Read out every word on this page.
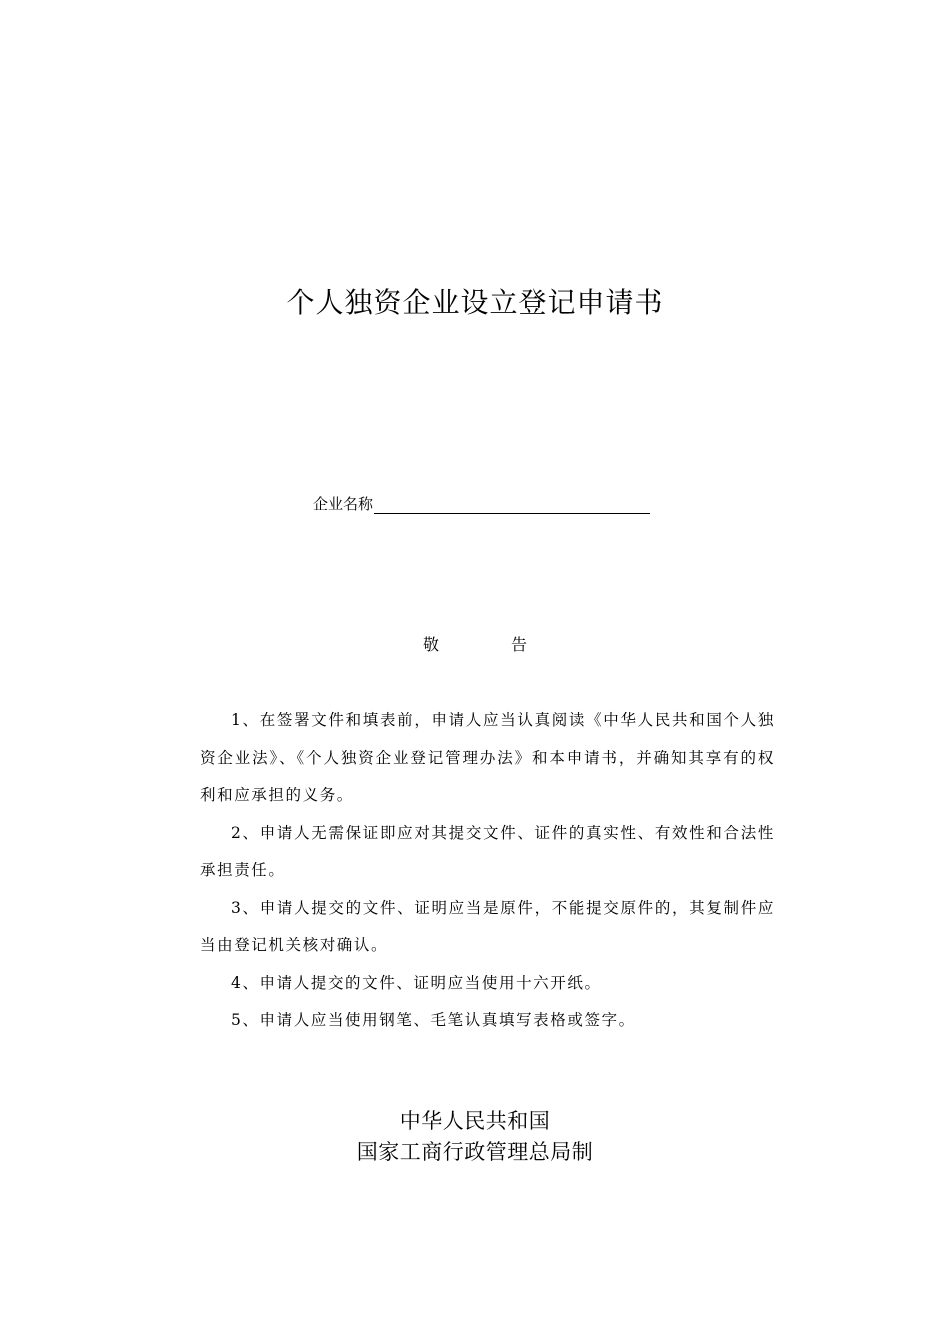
个人独资企业设立登记申请书
企业名称
敬	告

1、在签署文件和填表前，申请人应当认真阅读《中华人民共和国个人独资企业法》、《个人独资企业登记管理办法》和本申请书，并确知其享有的权利和应承担的义务。

2、申请人无需保证即应对其提交文件、证件的真实性、有效性和合法性承担责任。

3、申请人提交的文件、证明应当是原件，不能提交原件的，其复制件应当由登记机关核对确认。

4、申请人提交的文件、证明应当使用十六开纸。

5、申请人应当使用钢笔、毛笔认真填写表格或签字。

中华人民共和国
国家工商行政管理总局制
